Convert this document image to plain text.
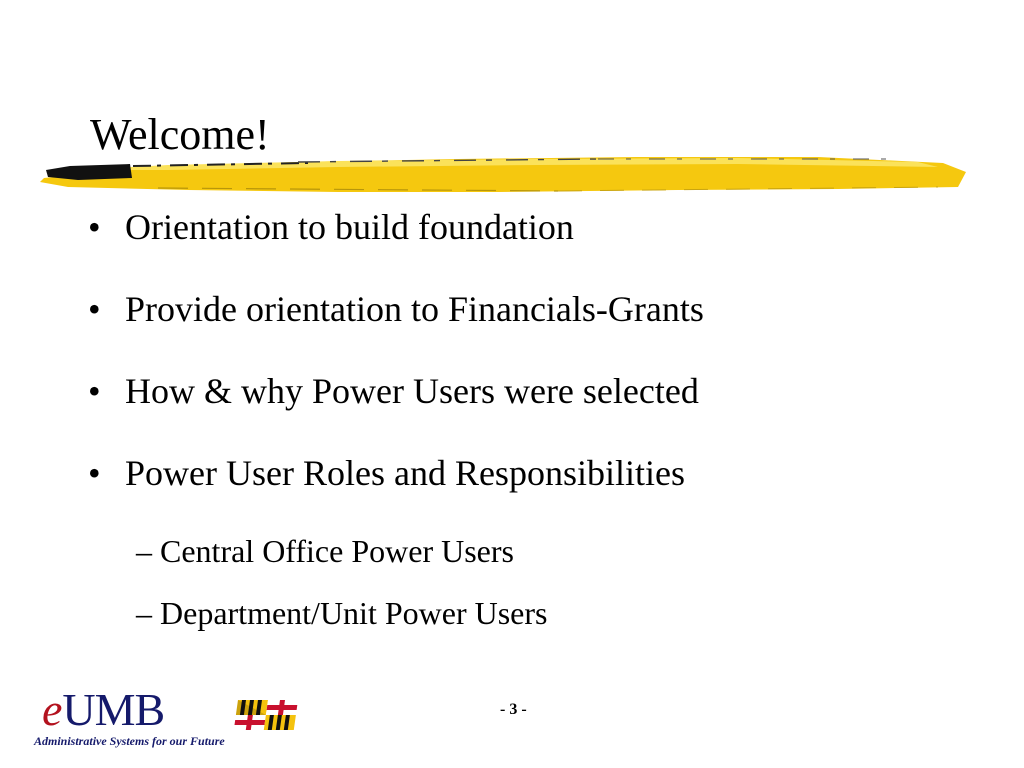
Welcome!
• Orientation to build foundation
• Provide orientation to Financials-Grants
• How & why Power Users were selected
• Power User Roles and Responsibilities
– Central Office Power Users
– Department/Unit Power Users
- 3 -
eUMB
Administrative Systems for our Future
